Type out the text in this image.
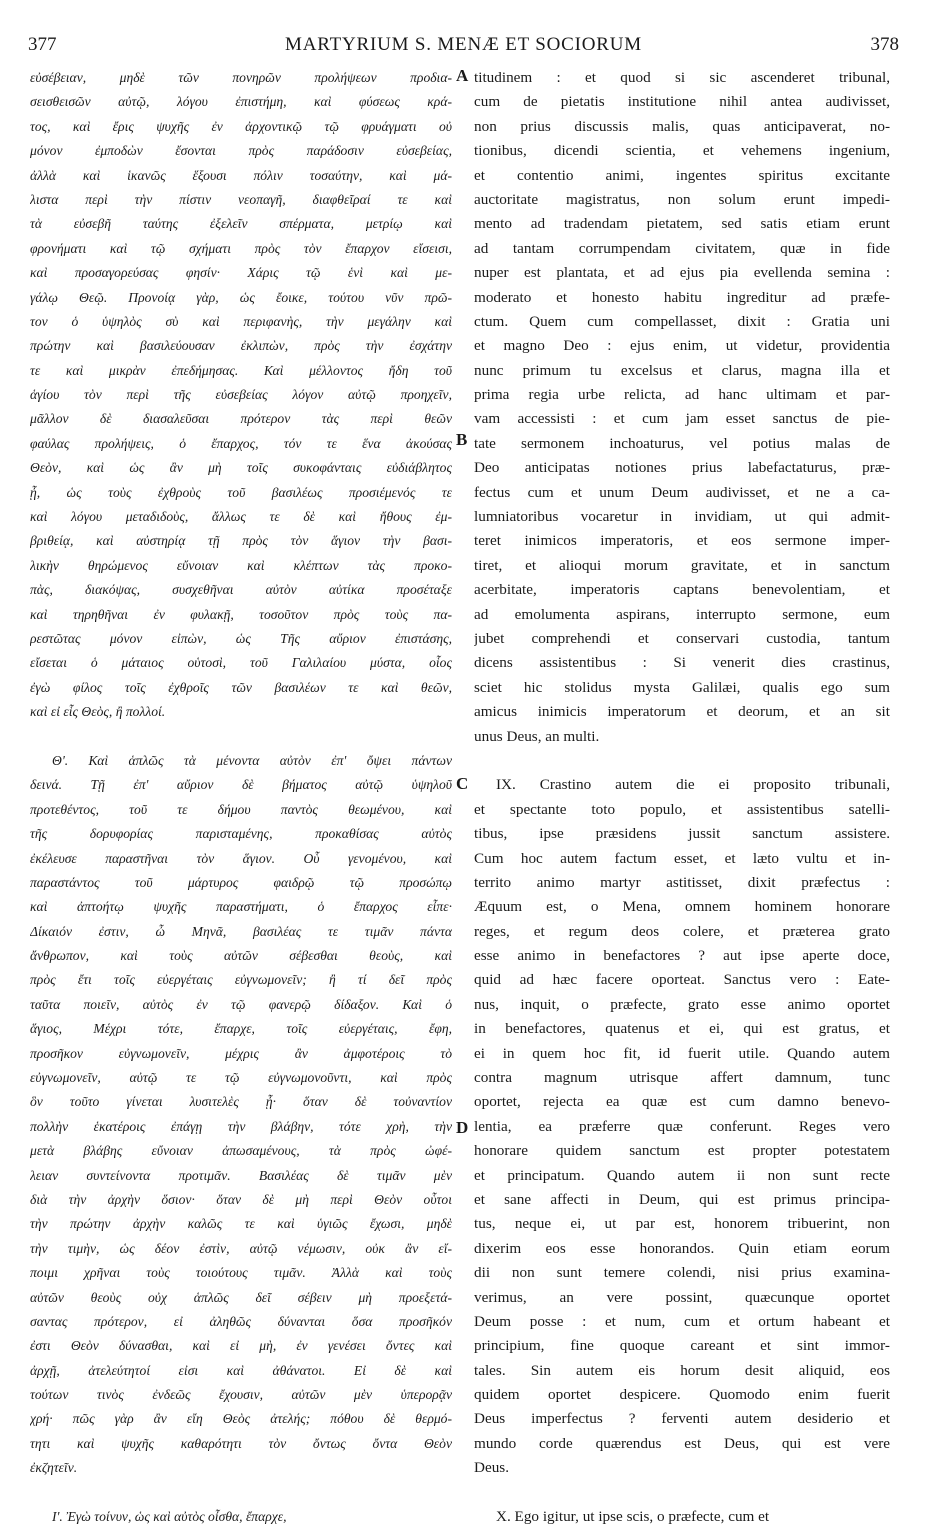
377	MARTYRIUM S. MENÆ ET SOCIORUM	378
εὐσέβειαν, μηδὲ τῶν πονηρῶν προλήψεων προδια-
σεισθεισῶν αὐτῷ, λόγου ἐπιστήμη, καὶ φύσεως κρά-
τος, καὶ ἔρις ψυχῆς ἐν ἀρχοντικῷ τῷ φρυάγματι οὐ
μόνον ἐμποδὼν ἔσονται πρὸς παράδοσιν εὐσεβείας,
ἀλλὰ καὶ ἱκανῶς ἕξουσι πόλιν τοσαύτην, καὶ μά-
λιστα περὶ τὴν πίστιν νεοπαγῆ, διαφθεῖραί τε καὶ
τὰ εὐσεβῆ ταύτης ἐξελεῖν σπέρματα, μετρίῳ καὶ
φρονήματι καὶ τῷ σχήματι πρὸς τὸν ἔπαρχον εἴσεισι,
καὶ προσαγορεύσας φησίν· Χάρις τῷ ἑνὶ καὶ με-
γάλῳ Θεῷ. Προνοίᾳ γὰρ, ὡς ἔοικε, τούτου νῦν πρῶ-
τον ὁ ὑψηλὸς σὺ καὶ περιφανὴς, τὴν μεγάλην καὶ
πρώτην καὶ βασιλεύουσαν ἐκλιπὼν, πρὸς τὴν ἐσχάτην
τε καὶ μικρὰν ἐπεδήμησας. Καὶ μέλλοντος ἤδη τοῦ
ἁγίου τὸν περὶ τῆς εὐσεβείας λόγον αὐτῷ προηχεῖν,
μᾶλλον δὲ διασαλεῦσαι πρότερον τὰς περὶ θεῶν
φαύλας προλήψεις, ὁ ἔπαρχος, τόν τε ἕνα ἀκούσας
Θεὸν, καὶ ὡς ἂν μὴ τοῖς συκοφάνταις εὐδιάβλητος
ᾖ, ὡς τοὺς ἐχθροὺς τοῦ βασιλέως προσιέμενός τε
καὶ λόγου μεταδιδοὺς, ἄλλως τε δὲ καὶ ἤθους ἐμ-
βριθείᾳ, καὶ αὐστηρίᾳ τῇ πρὸς τὸν ἅγιον τὴν βασι-
λικὴν θηρώμενος εὔνοιαν καὶ κλέπτων τὰς προκο-
πὰς, διακόψας, συσχεθῆναι αὐτὸν αὐτίκα προσέταξε
καὶ τηρηθῆναι ἐν φυλακῇ, τοσοῦτον πρὸς τοὺς πα-
ρεστῶτας μόνον εἰπὼν, ὡς Τῆς αὔριον ἐπιστάσης,
εἴσεται ὁ μάταιος οὑτοσὶ, τοῦ Γαλιλαίου μύστα, οἷος
ἐγὼ φίλος τοῖς ἐχθροῖς τῶν βασιλέων τε καὶ θεῶν,
καὶ εἰ εἷς Θεὸς, ἢ πολλοί.
Θ'. Καὶ ἁπλῶς τὰ μένοντα αὐτὸν ἐπ' ὄψει πάντων
δεινά. Τῇ ἐπ' αὔριον δὲ βήματος αὐτῷ ὑψηλοῦ
προτεθέντος, τοῦ τε δήμου παντὸς θεωμένου, καὶ
τῆς δορυφορίας παρισταμένης, προκαθίσας αὐτὸς
ἐκέλευσε παραστῆναι τὸν ἅγιον. Οὗ γενομένου, καὶ
παραστάντος τοῦ μάρτυρος φαιδρῷ τῷ προσώπῳ
καὶ ἀπτοήτῳ ψυχῆς παραστήματι, ὁ ἔπαρχος εἶπε·
Δίκαιόν ἐστιν, ὦ Μηνᾶ, βασιλέας τε τιμᾶν πάντα
ἄνθρωπον, καὶ τοὺς αὐτῶν σέβεσθαι θεοὺς, καὶ
πρὸς ἔτι τοῖς εὐεργέταις εὐγνωμονεῖν; ἢ τί δεῖ πρὸς
ταῦτα ποιεῖν, αὐτὸς ἐν τῷ φανερῷ δίδαξον. Καὶ ὁ
ἅγιος, Μέχρι τότε, ἔπαρχε, τοῖς εὐεργέταις, ἔφη,
προσῆκον εὐγνωμονεῖν, μέχρις ἂν ἀμφοτέροις τὸ
εὐγνωμονεῖν, αὐτῷ τε τῷ εὐγνωμονοῦντι, καὶ πρὸς
ὃν τοῦτο γίνεται λυσιτελὲς ᾖ· ὅταν δὲ τοὐναντίον
πολλὴν ἑκατέροις ἐπάγῃ τὴν βλάβην, τότε χρὴ, τὴν
μετὰ βλάβης εὔνοιαν ἀπωσαμένους, τὰ πρὸς ὠφέ-
λειαν συντείνοντα προτιμᾶν. Βασιλέας δὲ τιμᾶν μὲν
διὰ τὴν ἀρχὴν ὅσιον· ὅταν δὲ μὴ περὶ Θεὸν οὗτοι
τὴν πρώτην ἀρχὴν καλῶς τε καὶ ὑγιῶς ἔχωσι, μηδὲ
τὴν τιμὴν, ὡς δέον ἐστὶν, αὐτῷ νέμωσιν, οὐκ ἂν εἴ-
ποιμι χρῆναι τοὺς τοιούτους τιμᾶν. Ἀλλὰ καὶ τοὺς
αὐτῶν θεοὺς οὐχ ἁπλῶς δεῖ σέβειν μὴ προεξετά-
σαντας πρότερον, εἰ ἀληθῶς δύνανται ὅσα προσῆκόν
ἐστι Θεὸν δύνασθαι, καὶ εἰ μὴ, ἐν γενέσει ὄντες καὶ
ἀρχῇ, ἀτελεύτητοί εἰσι καὶ ἀθάνατοι. Εἰ δὲ καὶ
τούτων τινὸς ἐνδεῶς ἔχουσιν, αὐτῶν μὲν ὑπερορᾷν
χρή· πῶς γὰρ ἂν εἴη Θεὸς ἀτελής; πόθου δὲ θερμό-
τητι καὶ ψυχῆς καθαρότητι τὸν ὄντως ὄντα Θεὸν
ἐκζητεῖν.
Ι'. Ἐγὼ τοίνυν, ὡς καὶ αὐτὸς οἶσθα, ἔπαρχε,
titudinem : et quod si sic ascenderet tribunal,
cum de pietatis institutione nihil antea audivisset,
non prius discussis malis, quas anticipaverat, no-
tionibus, dicendi scientia, et vehemens ingenium,
et contentio animi, ingentes spiritus excitante
auctoritate magistratus, non solum erunt impedi-
mento ad tradendam pietatem, sed satis etiam erunt
ad tantam corrumpendam civitatem, quæ in fide
nuper est plantata, et ad ejus pia evellenda semina :
moderato et honesto habitu ingreditur ad præfe-
ctum. Quem cum compellasset, dixit : Gratia uni
et magno Deo : ejus enim, ut videtur, providentia
nunc primum tu excelsus et clarus, magna illa et
prima regia urbe relicta, ad hanc ultimam et par-
vam accessisti : et cum jam esset sanctus de pie-
tate sermonem inchoaturus, vel potius malas de
Deo anticipatas notiones prius labefactaturus, præ-
fectus cum et unum Deum audivisset, et ne a ca-
lumniatoribus vocaretur in invidiam, ut qui admit-
teret inimicos imperatoris, et eos sermone imper-
tiret, et alioqui morum gravitate, et in sanctum
acerbitate, imperatoris captans benevolentiam, et
ad emolumenta aspirans, interrupto sermone, eum
jubet comprehendi et conservari custodia, tantum
dicens assistentibus : Si venerit dies crastinus,
sciet hic stolidus mysta Galilæi, qualis ego sum
amicus inimicis imperatorum et deorum, et an sit
unus Deus, an multi.
IX. Crastino autem die ei proposito tribunali,
et spectante toto populo, et assistentibus satelli-
tibus, ipse præsidens jussit sanctum assistere.
Cum hoc autem factum esset, et læto vultu et in-
territo animo martyr astitisset, dixit præfectus :
Æquum est, o Mena, omnem hominem honorare
reges, et regum deos colere, et præterea grato
esse animo in benefactores ? aut ipse aperte doce,
quid ad hæc facere oporteat. Sanctus vero : Eate-
nus, inquit, o præfecte, grato esse animo oportet
in benefactores, quatenus et ei, qui est gratus, et
ei in quem hoc fit, id fuerit utile. Quando autem
contra magnum utrisque affert damnum, tunc
oportet, rejecta ea quæ est cum damno benevo-
lentia, ea præferre quæ conferunt. Reges vero
honorare quidem sanctum est propter potestatem
et principatum. Quando autem ii non sunt recte
et sane affecti in Deum, qui est primus principa-
tus, neque ei, ut par est, honorem tribuerint, non
dixerim eos esse honorandos. Quin etiam eorum
dii non sunt temere colendi, nisi prius examina-
verimus, an vere possint, quæcunque oportet
Deum posse : et num, cum et ortum habeant et
principium, fine quoque careant et sint immor-
tales. Sin autem eis horum desit aliquid, eos
quidem oportet despicere. Quomodo enim fuerit
Deus imperfectus ? ferventi autem desiderio et
mundo corde quærendus est Deus, qui est vere
Deus.
X. Ego igitur, ut ipse scis, o præfecte, cum et
A
B
C
D
